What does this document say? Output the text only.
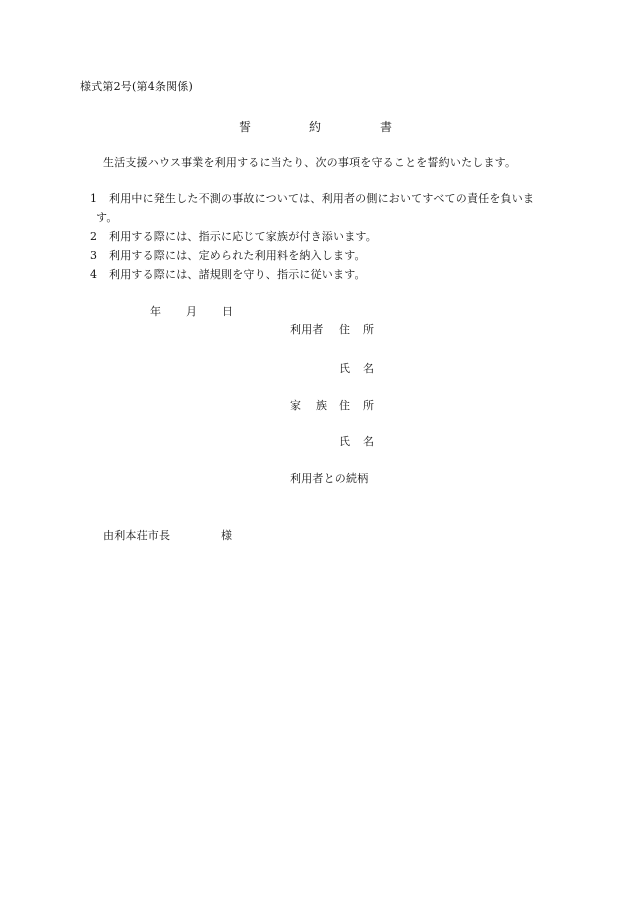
様式第2号(第4条関係)
誓	約	書
生活支援ハウス事業を利用するに当たり、次の事項を守ることを誓約いたします。
1 利用中に発生した不測の事故については、利用者の側においてすべての責任を負いま
す。
2 利用する際には、指示に応じて家族が付き添います。
3 利用する際には、定められた利用料を納入します。
4 利用する際には、諸規則を守り、指示に従います。
年 月 日
利用者 住 所
氏 名
家 族 住 所
氏 名
利用者との続柄
由利本荘市長	様
